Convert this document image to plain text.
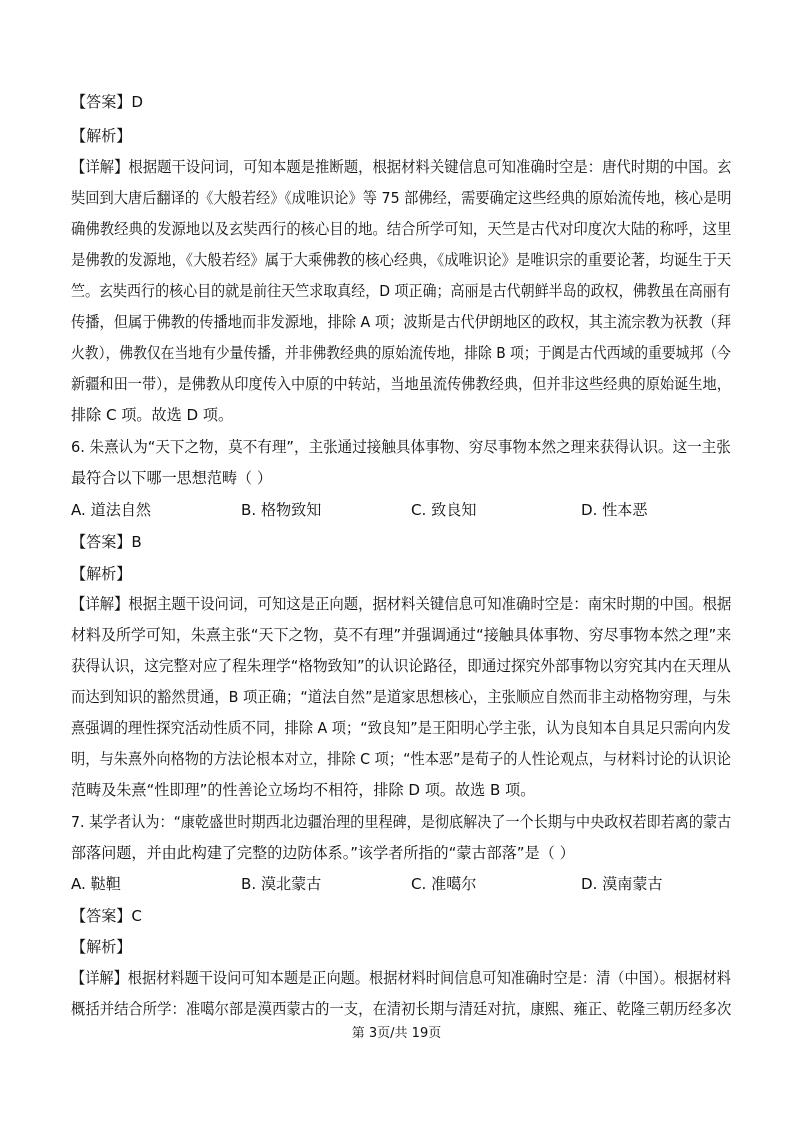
【答案】D
【解析】
【详解】根据题干设问词，可知本题是推断题，根据材料关键信息可知准确时空是：唐代时期的中国。玄
奘回到大唐后翻译的《大般若经》《成唯识论》等 75 部佛经，需要确定这些经典的原始流传地，核心是明
确佛教经典的发源地以及玄奘西行的核心目的地。结合所学可知，天竺是古代对印度次大陆的称呼，这里
是佛教的发源地，《大般若经》属于大乘佛教的核心经典，《成唯识论》是唯识宗的重要论著，均诞生于天
竺。玄奘西行的核心目的就是前往天竺求取真经，D 项正确；高丽是古代朝鲜半岛的政权，佛教虽在高丽有
传播，但属于佛教的传播地而非发源地，排除 A 项；波斯是古代伊朗地区的政权，其主流宗教为祆教（拜
火教），佛教仅在当地有少量传播，并非佛教经典的原始流传地，排除 B 项；于阗是古代西域的重要城邦（今
新疆和田一带），是佛教从印度传入中原的中转站，当地虽流传佛教经典，但并非这些经典的原始诞生地，
排除 C 项。故选 D 项。
6. 朱熹认为“天下之物，莫不有理”，主张通过接触具体事物、穷尽事物本然之理来获得认识。这一主张
最符合以下哪一思想范畴（ ）
A. 道法自然	B. 格物致知	C. 致良知	D. 性本恶
【答案】B
【解析】
【详解】根据主题干设问词，可知这是正向题，据材料关键信息可知准确时空是：南宋时期的中国。根据
材料及所学可知，朱熹主张“天下之物，莫不有理”并强调通过“接触具体事物、穷尽事物本然之理”来
获得认识，这完整对应了程朱理学“格物致知”的认识论路径，即通过探究外部事物以穷究其内在天理从
而达到知识的豁然贯通，B 项正确；“道法自然”是道家思想核心，主张顺应自然而非主动格物穷理，与朱
熹强调的理性探究活动性质不同，排除 A 项；“致良知”是王阳明心学主张，认为良知本自具足只需向内发
明，与朱熹外向格物的方法论根本对立，排除 C 项；“性本恶”是荀子的人性论观点，与材料讨论的认识论
范畴及朱熹“性即理”的性善论立场均不相符，排除 D 项。故选 B 项。
7. 某学者认为：“康乾盛世时期西北边疆治理的里程碑，是彻底解决了一个长期与中央政权若即若离的蒙古
部落问题，并由此构建了完整的边防体系。”该学者所指的“蒙古部落”是（ ）
A. 鞑靼	B. 漠北蒙古	C. 准噶尔	D. 漠南蒙古
【答案】C
【解析】
【详解】根据材料题干设问可知本题是正向题。根据材料时间信息可知准确时空是：清（中国）。根据材料
概括并结合所学：准噶尔部是漠西蒙古的一支，在清初长期与清廷对抗，康熙、雍正、乾隆三朝历经多次
第 3页/共 19页
